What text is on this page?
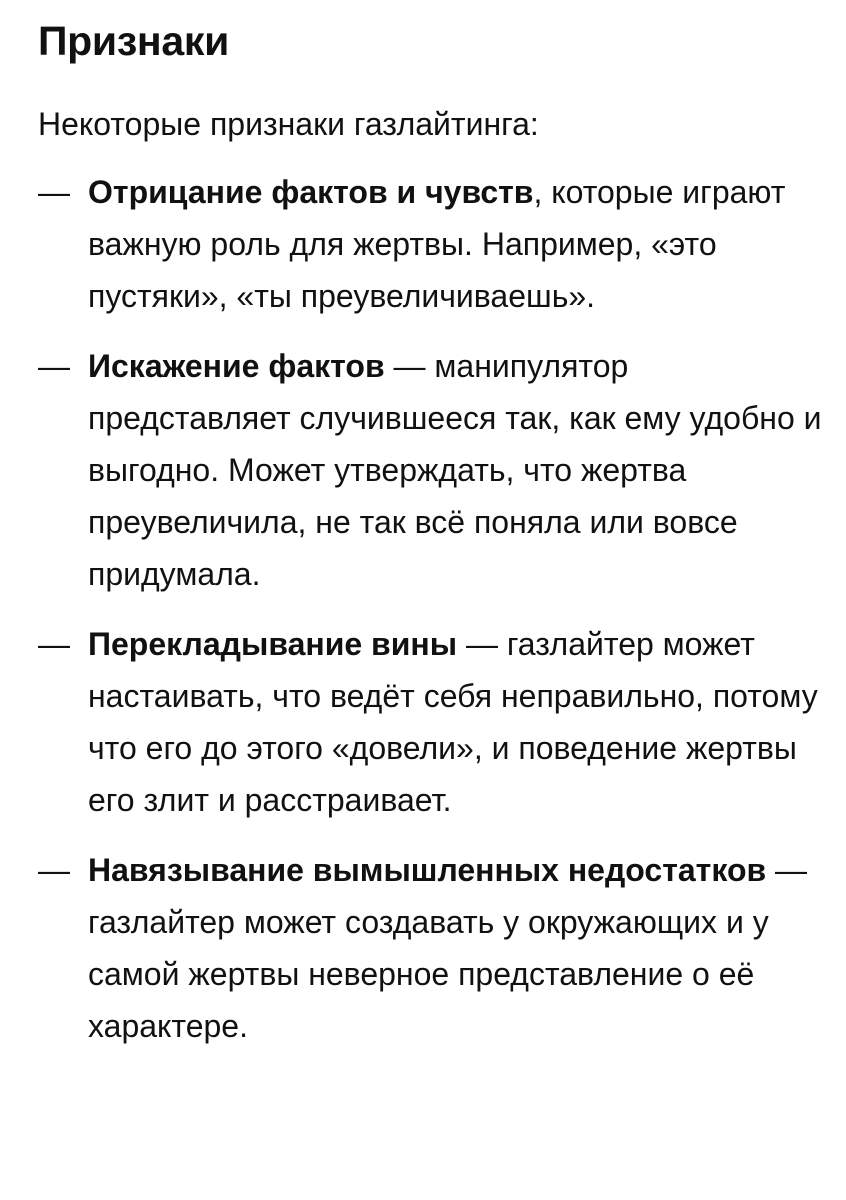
Признаки

Некоторые признаки газлайтинга:

— Отрицание фактов и чувств, которые играют важную роль для жертвы. Например, «это пустяки», «ты преувеличиваешь».
— Искажение фактов — манипулятор представляет случившееся так, как ему удобно и выгодно. Может утверждать, что жертва преувеличила, не так всё поняла или вовсе придумала.
— Перекладывание вины — газлайтер может настаивать, что ведёт себя неправильно, потому что его до этого «довели», и поведение жертвы его злит и расстраивает.
— Навязывание вымышленных недостатков — газлайтер может создавать у окружающих и у самой жертвы неверное представление о её характере.
